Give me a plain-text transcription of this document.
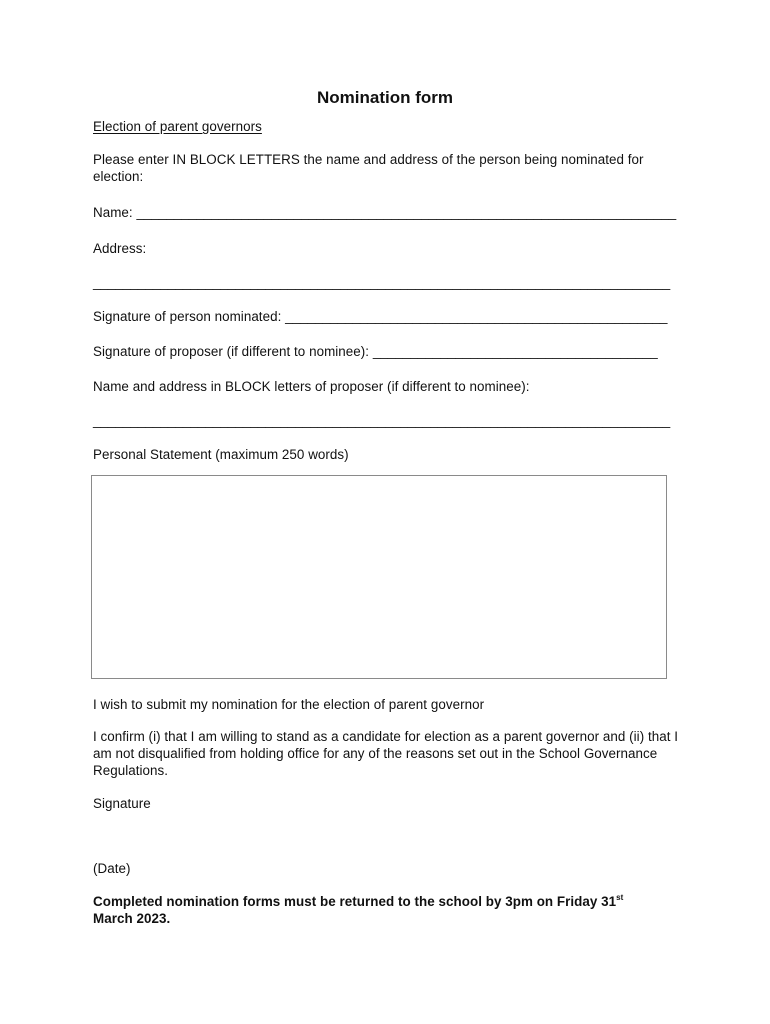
Nomination form
Election of parent governors
Please enter IN BLOCK LETTERS the name and address of the person being nominated for election:
Name: ________________________________________________________________________
Address:
_____________________________________________________________________________
Signature of person nominated: ___________________________________________________
Signature of proposer (if different to nominee): ______________________________________
Name and address in BLOCK letters of proposer (if different to nominee):
_____________________________________________________________________________
Personal Statement (maximum 250 words)
I wish to submit my nomination for the election of parent governor
I confirm (i) that I am willing to stand as a candidate for election as a parent governor and (ii) that I am not disqualified from holding office for any of the reasons set out in the School Governance Regulations.
Signature
(Date)
Completed nomination forms must be returned to the school by 3pm on Friday 31st
March 2023.
